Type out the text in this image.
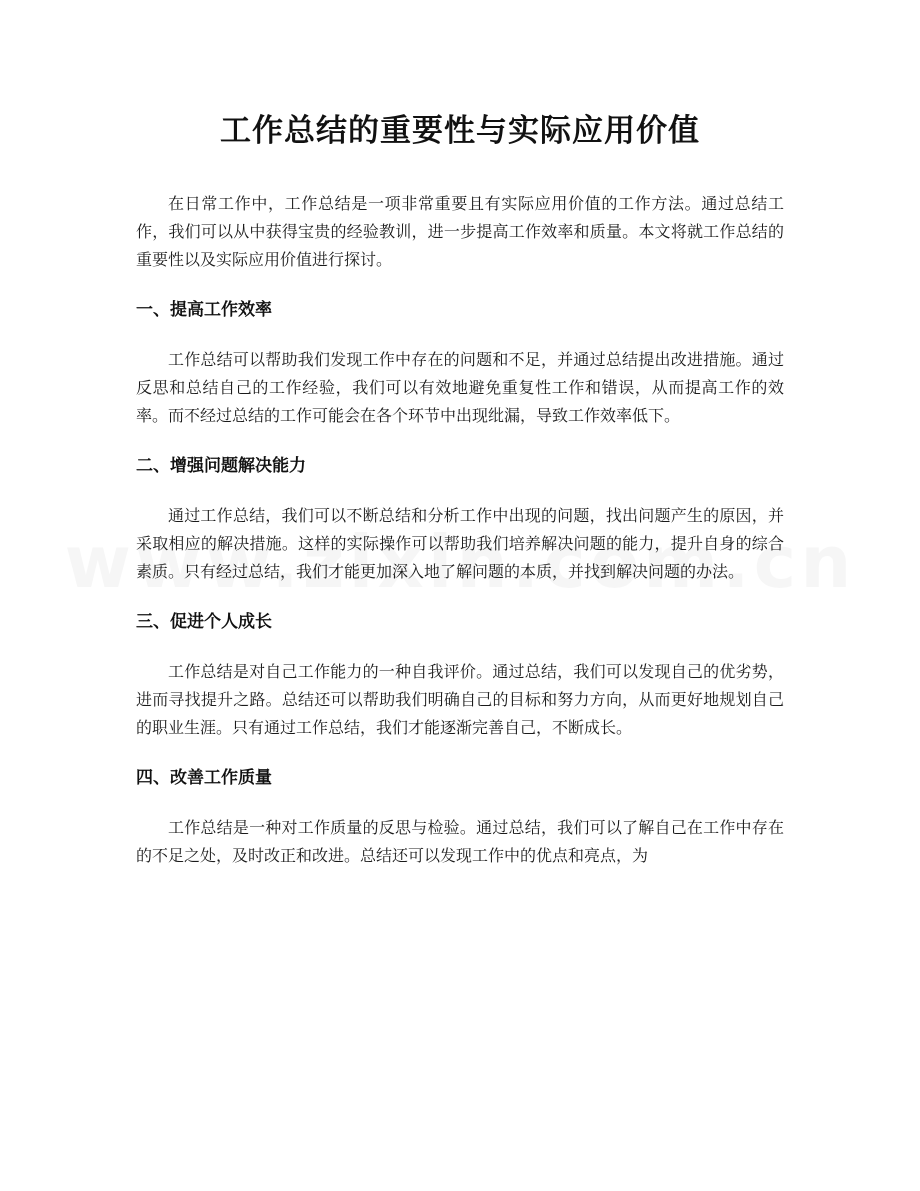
工作总结的重要性与实际应用价值

在日常工作中，工作总结是一项非常重要且有实际应用价值的工作方法。通过总结工作，我们可以从中获得宝贵的经验教训，进一步提高工作效率和质量。本文将就工作总结的重要性以及实际应用价值进行探讨。

一、提高工作效率

工作总结可以帮助我们发现工作中存在的问题和不足，并通过总结提出改进措施。通过反思和总结自己的工作经验，我们可以有效地避免重复性工作和错误，从而提高工作的效率。而不经过总结的工作可能会在各个环节中出现纰漏，导致工作效率低下。

二、增强问题解决能力

通过工作总结，我们可以不断总结和分析工作中出现的问题，找出问题产生的原因，并采取相应的解决措施。这样的实际操作可以帮助我们培养解决问题的能力，提升自身的综合素质。只有经过总结，我们才能更加深入地了解问题的本质，并找到解决问题的办法。

三、促进个人成长

工作总结是对自己工作能力的一种自我评价。通过总结，我们可以发现自己的优劣势，进而寻找提升之路。总结还可以帮助我们明确自己的目标和努力方向，从而更好地规划自己的职业生涯。只有通过工作总结，我们才能逐渐完善自己，不断成长。

四、改善工作质量

工作总结是一种对工作质量的反思与检验。通过总结，我们可以了解自己在工作中存在的不足之处，及时改正和改进。总结还可以发现工作中的优点和亮点，为
